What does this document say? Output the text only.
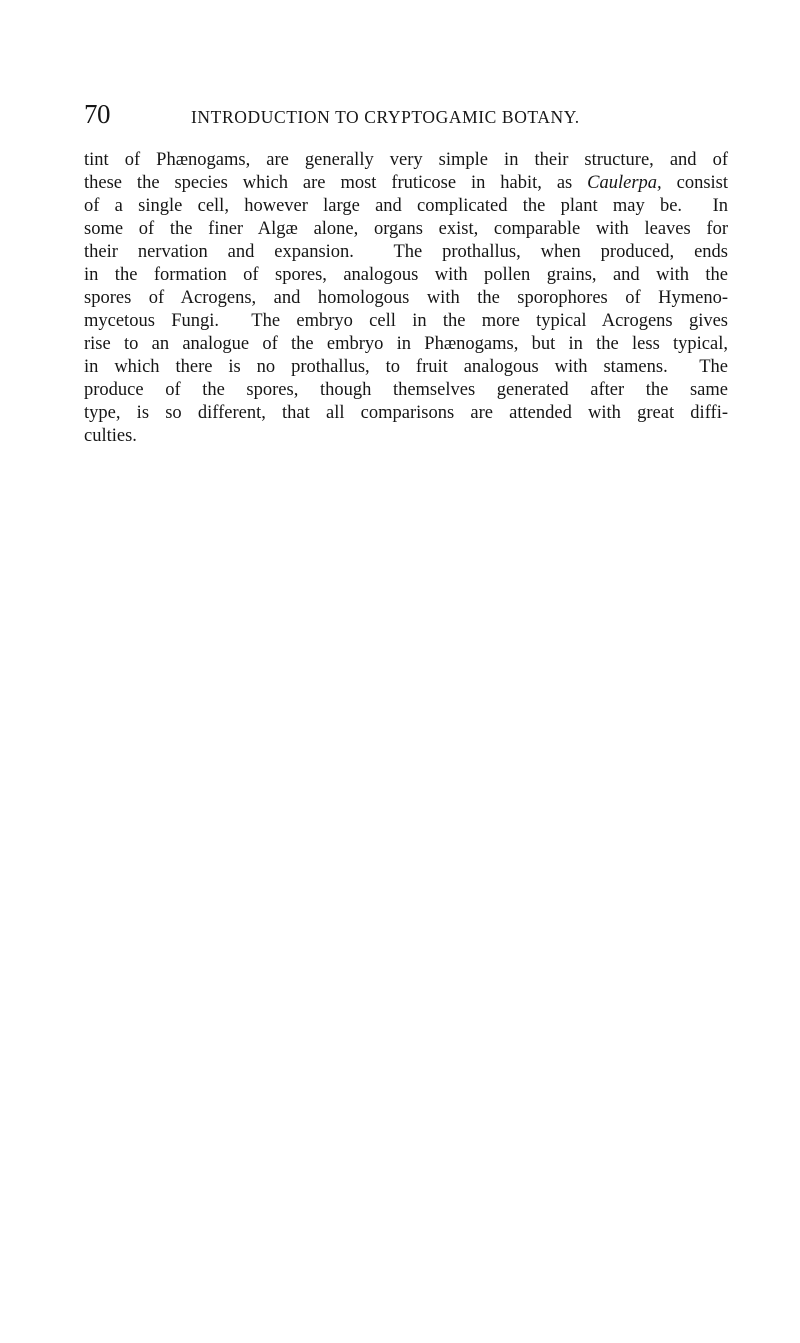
70	INTRODUCTION TO CRYPTOGAMIC BOTANY.
tint of Phænogams, are generally very simple in their structure, and of
these the species which are most fruticose in habit, as Caulerpa, consist
of a single cell, however large and complicated the plant may be.  In
some of the finer Algæ alone, organs exist, comparable with leaves for
their nervation and expansion.  The prothallus, when produced, ends
in the formation of spores, analogous with pollen grains, and with the
spores of Acrogens, and homologous with the sporophores of Hymeno-
mycetous Fungi.  The embryo cell in the more typical Acrogens gives
rise to an analogue of the embryo in Phænogams, but in the less typical,
in which there is no prothallus, to fruit analogous with stamens.  The
produce of the spores, though themselves generated after the same
type, is so different, that all comparisons are attended with great diffi-
culties.
